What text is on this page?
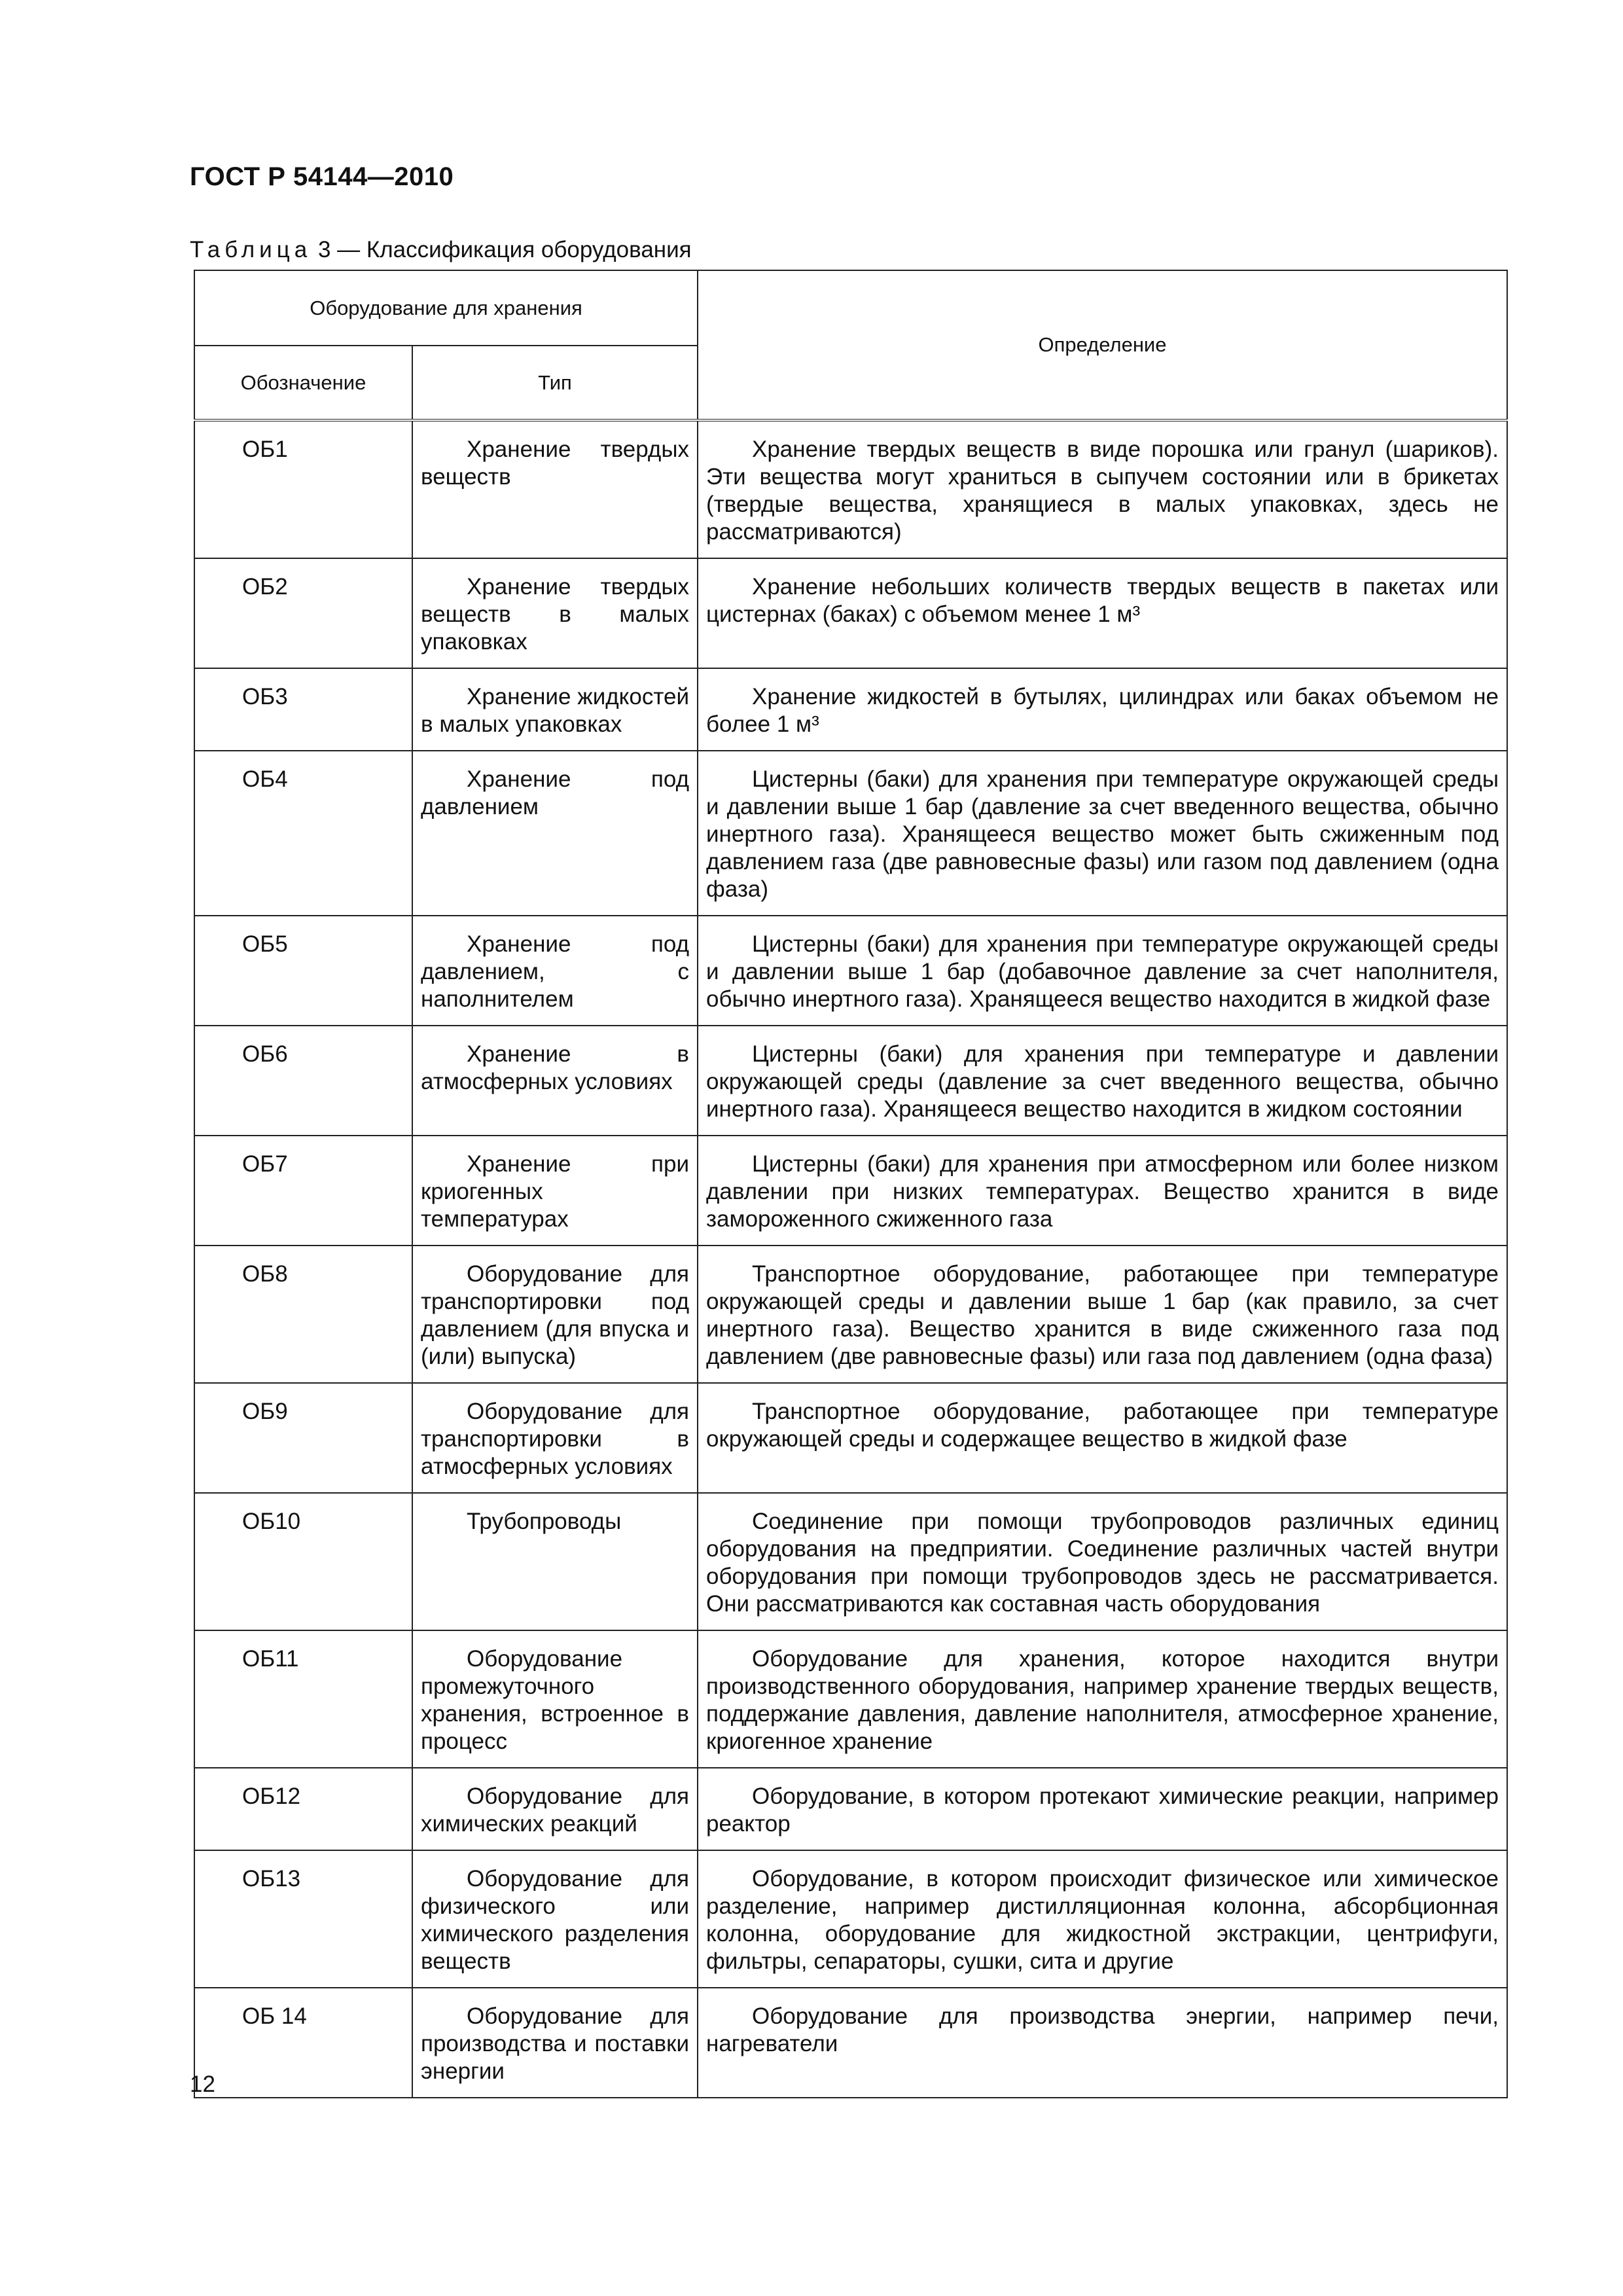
ГОСТ Р 54144—2010
Таблица 3 — Классификация оборудования
Оборудование для хранения		Определение
Обозначение	Тип	
ОБ1	Хранение твердых веществ	Хранение твердых веществ в виде порошка или гранул (шариков). Эти вещества могут храниться в сыпучем состоянии или в брикетах (твердые вещества, хранящиеся в малых упаковках, здесь не рассматриваются)
ОБ2	Хранение твердых веществ в малых упаковках	Хранение небольших количеств твердых веществ в пакетах или цистернах (баках) с объемом менее 1 м³
ОБ3	Хранение жидкостей в малых упаковках	Хранение жидкостей в бутылях, цилиндрах или баках объемом не более 1 м³
ОБ4	Хранение под давлением	Цистерны (баки) для хранения при температуре окружающей среды и давлении выше 1 бар (давление за счет введенного вещества, обычно инертного газа). Хранящееся вещество может быть сжиженным под давлением газа (две равновесные фазы) или газом под давлением (одна фаза)
ОБ5	Хранение под давлением, с наполнителем	Цистерны (баки) для хранения при температуре окружающей среды и давлении выше 1 бар (добавочное давление за счет наполнителя, обычно инертного газа). Хранящееся вещество находится в жидкой фазе
ОБ6	Хранение в атмосферных условиях	Цистерны (баки) для хранения при температуре и давлении окружающей среды (давление за счет введенного вещества, обычно инертного газа). Хранящееся вещество находится в жидком состоянии
ОБ7	Хранение при криогенных температурах	Цистерны (баки) для хранения при атмосферном или более низком давлении при низких температурах. Вещество хранится в виде замороженного сжиженного газа
ОБ8	Оборудование для транспортировки под давлением (для впуска и (или) выпуска)	Транспортное оборудование, работающее при температуре окружающей среды и давлении выше 1 бар (как правило, за счет инертного газа). Вещество хранится в виде сжиженного газа под давлением (две равновесные фазы) или газа под давлением (одна фаза)
ОБ9	Оборудование для транспортировки в атмосферных условиях	Транспортное оборудование, работающее при температуре окружающей среды и содержащее вещество в жидкой фазе
ОБ10	Трубопроводы	Соединение при помощи трубопроводов различных единиц оборудования на предприятии. Соединение различных частей внутри оборудования при помощи трубопроводов здесь не рассматривается. Они рассматриваются как составная часть оборудования
ОБ11	Оборудование промежуточного хранения, встроенное в процесс	Оборудование для хранения, которое находится внутри производственного оборудования, например хранение твердых веществ, поддержание давления, давление наполнителя, атмосферное хранение, криогенное хранение
ОБ12	Оборудование для химических реакций	Оборудование, в котором протекают химические реакции, например реактор
ОБ13	Оборудование для физического или химического разделения веществ	Оборудование, в котором происходит физическое или химическое разделение, например дистилляционная колонна, абсорбционная колонна, оборудование для жидкостной экстракции, центрифуги, фильтры, сепараторы, сушки, сита и другие
ОБ 14	Оборудование для производства и поставки энергии	Оборудование для производства энергии, например печи, нагреватели
12
